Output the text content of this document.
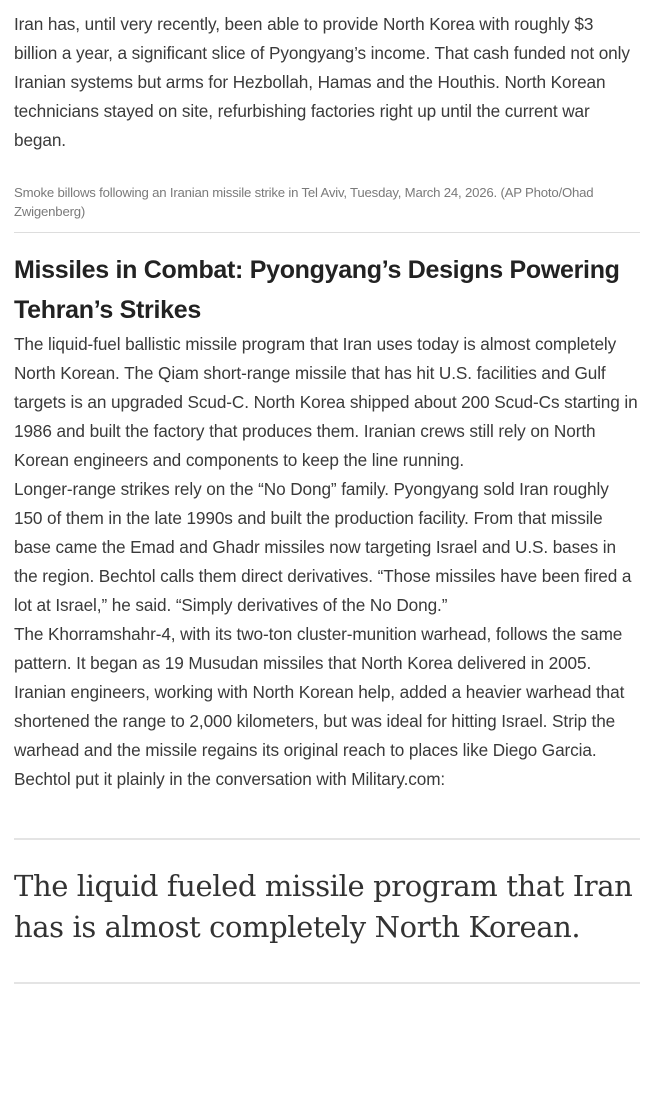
Iran has, until very recently, been able to provide North Korea with roughly $3 billion a year, a significant slice of Pyongyang’s income. That cash funded not only Iranian systems but arms for Hezbollah, Hamas and the Houthis. North Korean technicians stayed on site, refurbishing factories right up until the current war began.

Smoke billows following an Iranian missile strike in Tel Aviv, Tuesday, March 24, 2026. (AP Photo/Ohad Zwigenberg)
Missiles in Combat: Pyongyang’s Designs Powering Tehran’s Strikes

The liquid-fuel ballistic missile program that Iran uses today is almost completely North Korean. The Qiam short-range missile that has hit U.S. facilities and Gulf targets is an upgraded Scud-C. North Korea shipped about 200 Scud-Cs starting in 1986 and built the factory that produces them. Iranian crews still rely on North Korean engineers and components to keep the line running.

Longer-range strikes rely on the “No Dong” family. Pyongyang sold Iran roughly 150 of them in the late 1990s and built the production facility. From that missile base came the Emad and Ghadr missiles now targeting Israel and U.S. bases in the region. Bechtol calls them direct derivatives. “Those missiles have been fired a lot at Israel,” he said. “Simply derivatives of the No Dong.”

The Khorramshahr-4, with its two-ton cluster-munition warhead, follows the same pattern. It began as 19 Musudan missiles that North Korea delivered in 2005. Iranian engineers, working with North Korean help, added a heavier warhead that shortened the range to 2,000 kilometers, but was ideal for hitting Israel. Strip the warhead and the missile regains its original reach to places like Diego Garcia.

Bechtol put it plainly in the conversation with Military.com:

The liquid fueled missile program that Iran has is almost completely North Korean.
